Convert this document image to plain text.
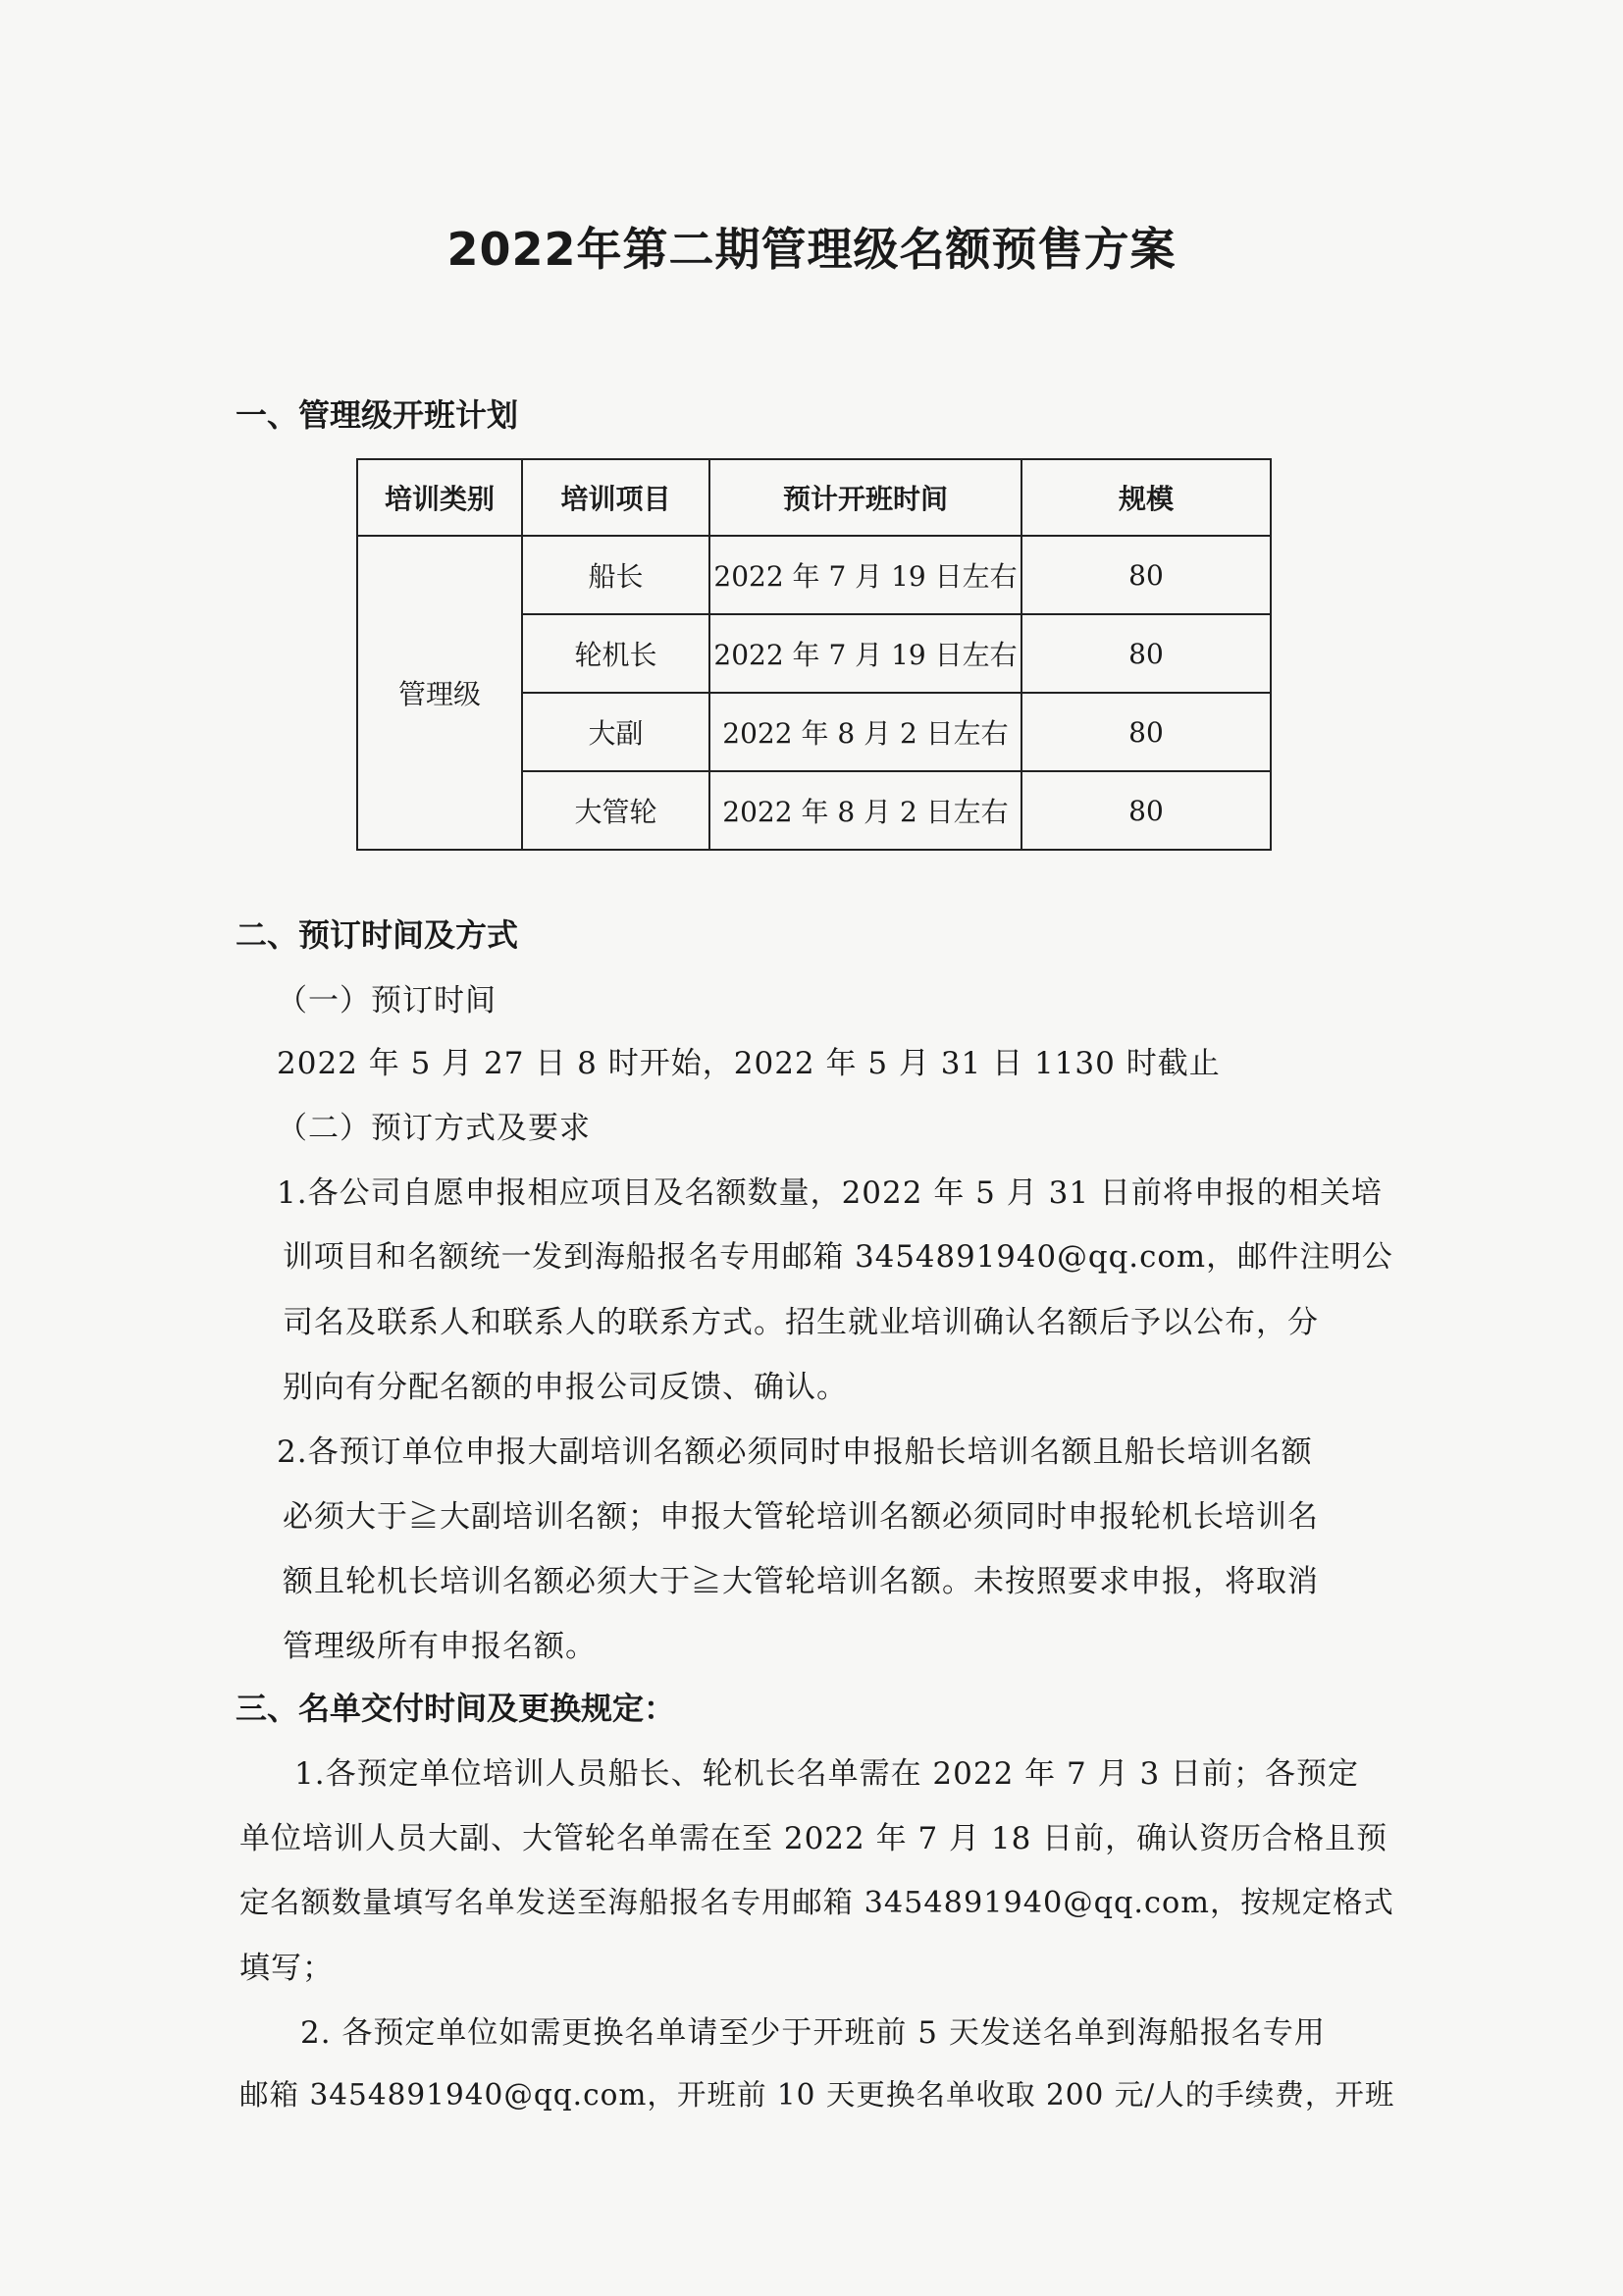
2022年第二期管理级名额预售方案
一、管理级开班计划
培训类别	培训项目	预计开班时间	规模
管理级	船长	2022 年 7 月 19 日左右	80
	轮机长	2022 年 7 月 19 日左右	80
	大副	2022 年 8 月 2 日左右	80
	大管轮	2022 年 8 月 2 日左右	80
二、预订时间及方式
（一）预订时间
2022 年 5 月 27 日 8 时开始，2022 年 5 月 31 日 1130 时截止
（二）预订方式及要求
1.各公司自愿申报相应项目及名额数量，2022 年 5 月 31 日前将申报的相关培
训项目和名额统一发到海船报名专用邮箱 3454891940@qq.com，邮件注明公
司名及联系人和联系人的联系方式。招生就业培训确认名额后予以公布，分
别向有分配名额的申报公司反馈、确认。
2.各预订单位申报大副培训名额必须同时申报船长培训名额且船长培训名额
必须大于≧大副培训名额；申报大管轮培训名额必须同时申报轮机长培训名
额且轮机长培训名额必须大于≧大管轮培训名额。未按照要求申报，将取消
管理级所有申报名额。
三、名单交付时间及更换规定：
1.各预定单位培训人员船长、轮机长名单需在 2022 年 7 月 3 日前；各预定
单位培训人员大副、大管轮名单需在至 2022 年 7 月 18 日前，确认资历合格且预
定名额数量填写名单发送至海船报名专用邮箱 3454891940@qq.com，按规定格式
填写；
2. 各预定单位如需更换名单请至少于开班前 5 天发送名单到海船报名专用
邮箱 3454891940@qq.com，开班前 10 天更换名单收取 200 元/人的手续费，开班
